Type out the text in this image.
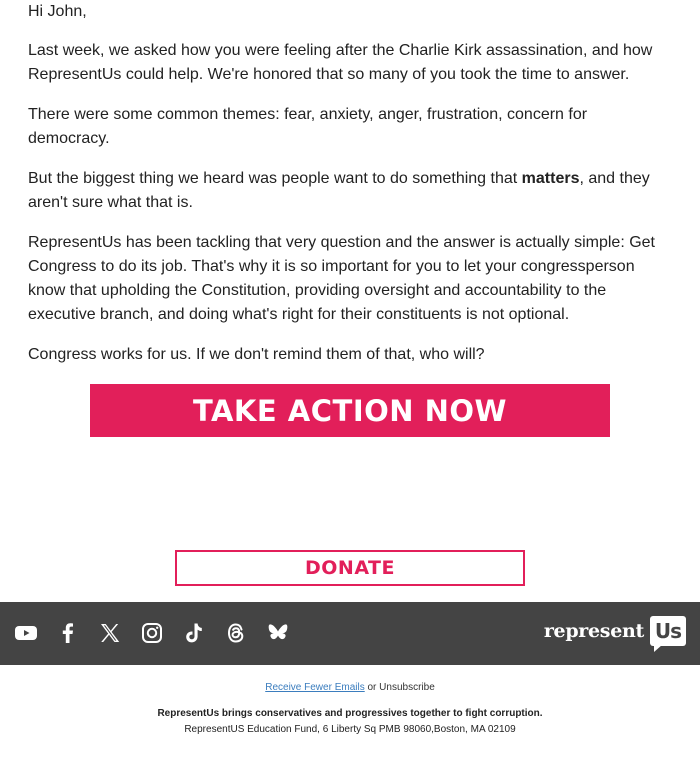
Hi John,

Last week, we asked how you were feeling after the Charlie Kirk assassination, and how RepresentUs could help. We're honored that so many of you took the time to answer.

There were some common themes: fear, anxiety, anger, frustration, concern for democracy.

But the biggest thing we heard was people want to do something that matters, and they aren't sure what that is.

RepresentUs has been tackling that very question and the answer is actually simple: Get Congress to do its job. That's why it is so important for you to let your congressperson know that upholding the Constitution, providing oversight and accountability to the executive branch, and doing what's right for their constituents is not optional.

Congress works for us. If we don't remind them of that, who will?

TAKE ACTION NOW
DONATE
represent Us
Receive Fewer Emails or Unsubscribe
RepresentUs brings conservatives and progressives together to fight corruption.
RepresentUS Education Fund, 6 Liberty Sq PMB 98060,Boston, MA 02109
